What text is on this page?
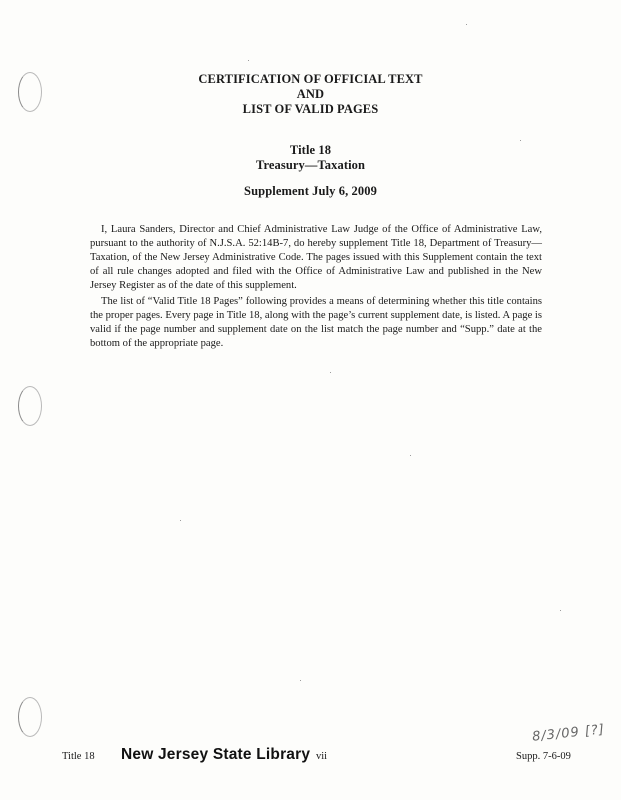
CERTIFICATION OF OFFICIAL TEXT
AND
LIST OF VALID PAGES
Title 18
Treasury—Taxation
Supplement July 6, 2009

I, Laura Sanders, Director and Chief Administrative Law Judge of the Office of Administrative Law, pursuant to the authority of N.J.S.A. 52:14B-7, do hereby supplement Title 18, Department of Treasury—Taxation, of the New Jersey Administrative Code. The pages issued with this Supplement contain the text of all rule changes adopted and filed with the Office of Administrative Law and published in the New Jersey Register as of the date of this supplement.

The list of “Valid Title 18 Pages” following provides a means of determining whether this title contains the proper pages. Every page in Title 18, along with the page’s current supplement date, is listed. A page is valid if the page number and supplement date on the list match the page number and “Supp.” date at the bottom of the appropriate page.

Title 18 New Jersey State Library vii	Supp. 7-6-09
8/3/09 [?]
